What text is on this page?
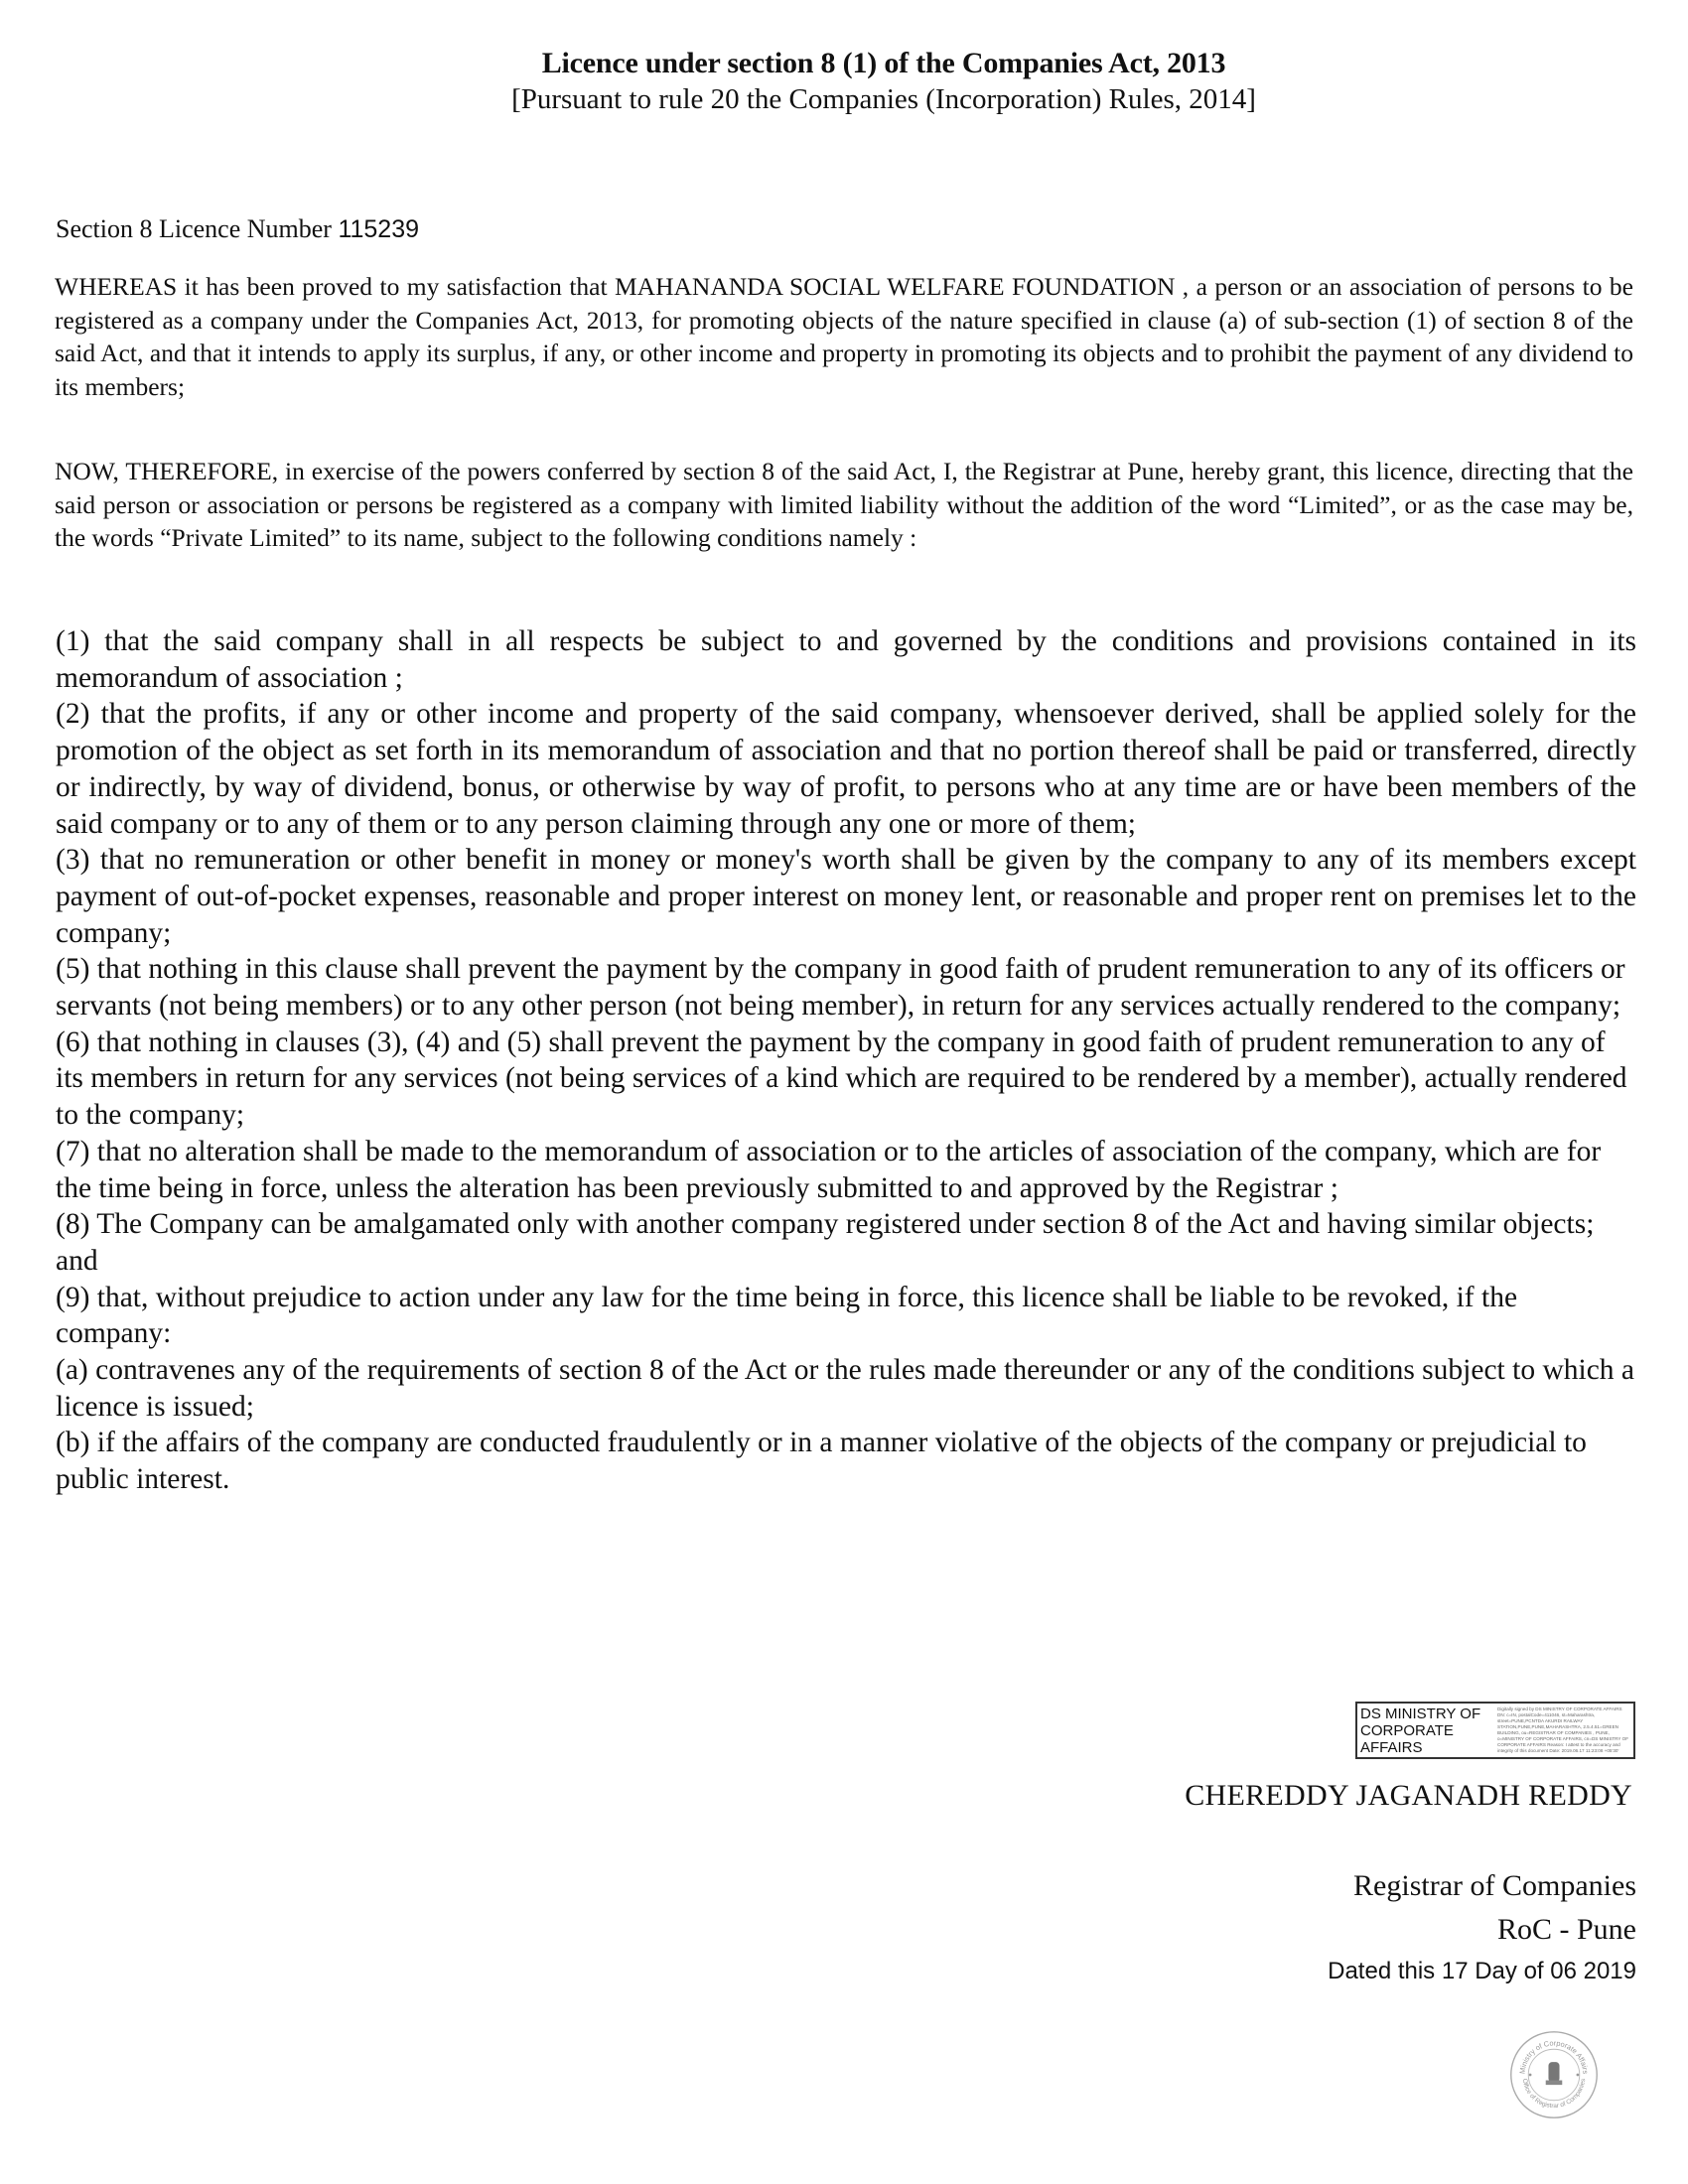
Licence under section 8 (1) of the Companies Act, 2013
[Pursuant to rule 20 the Companies (Incorporation) Rules, 2014]
Section 8 Licence Number 115239
WHEREAS it has been proved to my satisfaction that MAHANANDA SOCIAL WELFARE FOUNDATION , a person or an association of persons to be registered as a company under the Companies Act, 2013, for promoting objects of the nature specified in clause (a) of sub-section (1) of section 8 of the said Act, and that it intends to apply its surplus, if any, or other income and property in promoting its objects and to prohibit the payment of any dividend to its members;
NOW, THEREFORE, in exercise of the powers conferred by section 8 of the said Act, I, the Registrar at Pune, hereby grant, this licence, directing that the said person or association or persons be registered as a company with limited liability without the addition of the word “Limited”, or as the case may be, the words “Private Limited” to its name, subject to the following conditions namely :

(1) that the said company shall in all respects be subject to and governed by the conditions and provisions contained in its memorandum of association ;

(2) that the profits, if any or other income and property of the said company, whensoever derived, shall be applied solely for the promotion of the object as set forth in its memorandum of association and that no portion thereof shall be paid or transferred, directly or indirectly, by way of dividend, bonus, or otherwise by way of profit, to persons who at any time are or have been members of the said company or to any of them or to any person claiming through any one or more of them;

(3) that no remuneration or other benefit in money or money's worth shall be given by the company to any of its members except payment of out-of-pocket expenses, reasonable and proper interest on money lent, or reasonable and proper rent on premises let to the company;

(5) that nothing in this clause shall prevent the payment by the company in good faith of prudent remuneration to any of its officers or servants (not being members) or to any other person (not being member), in return for any services actually rendered to the company;

(6) that nothing in clauses (3), (4) and (5) shall prevent the payment by the company in good faith of prudent remuneration to any of its members in return for any services (not being services of a kind which are required to be rendered by a member), actually rendered to the company;

(7) that no alteration shall be made to the memorandum of association or to the articles of association of the company, which are for the time being in force, unless the alteration has been previously submitted to and approved by the Registrar ;

(8) The Company can be amalgamated only with another company registered under section 8 of the Act and having similar objects; and

(9) that, without prejudice to action under any law for the time being in force, this licence shall be liable to be revoked, if the company:

(a) contravenes any of the requirements of section 8 of the Act or the rules made thereunder or any of the conditions subject to which a licence is issued;

(b) if the affairs of the company are conducted fraudulently or in a manner violative of the objects of the company or prejudicial to public interest.

DS MINISTRY OF CORPORATE AFFAIRS
Digitally signed by DS MINISTRY OF CORPORATE AFFAIRS DN: c=IN, postalCode=411046, st=Maharashtra, street=PUNE,PCNTDA AKURDI RAILWAY STATION,PUNE,PUNE,MAHARASHTRA, 2.5.4.51=GREEN BUILDING, ou=REGISTRAR OF COMPANIES , PUNE, o=MINISTRY OF CORPORATE AFFAIRS, cn=DS MINISTRY OF CORPORATE AFFAIRS Reason: I attest to the accuracy and integrity of this document Date: 2019.06.17 11:23:08 +05'30'
CHEREDDY JAGANADH REDDY
Registrar of Companies
RoC - Pune
Dated this 17 Day of 06 2019
Ministry of Corporate Affairs
Office of Registrar of Companies
